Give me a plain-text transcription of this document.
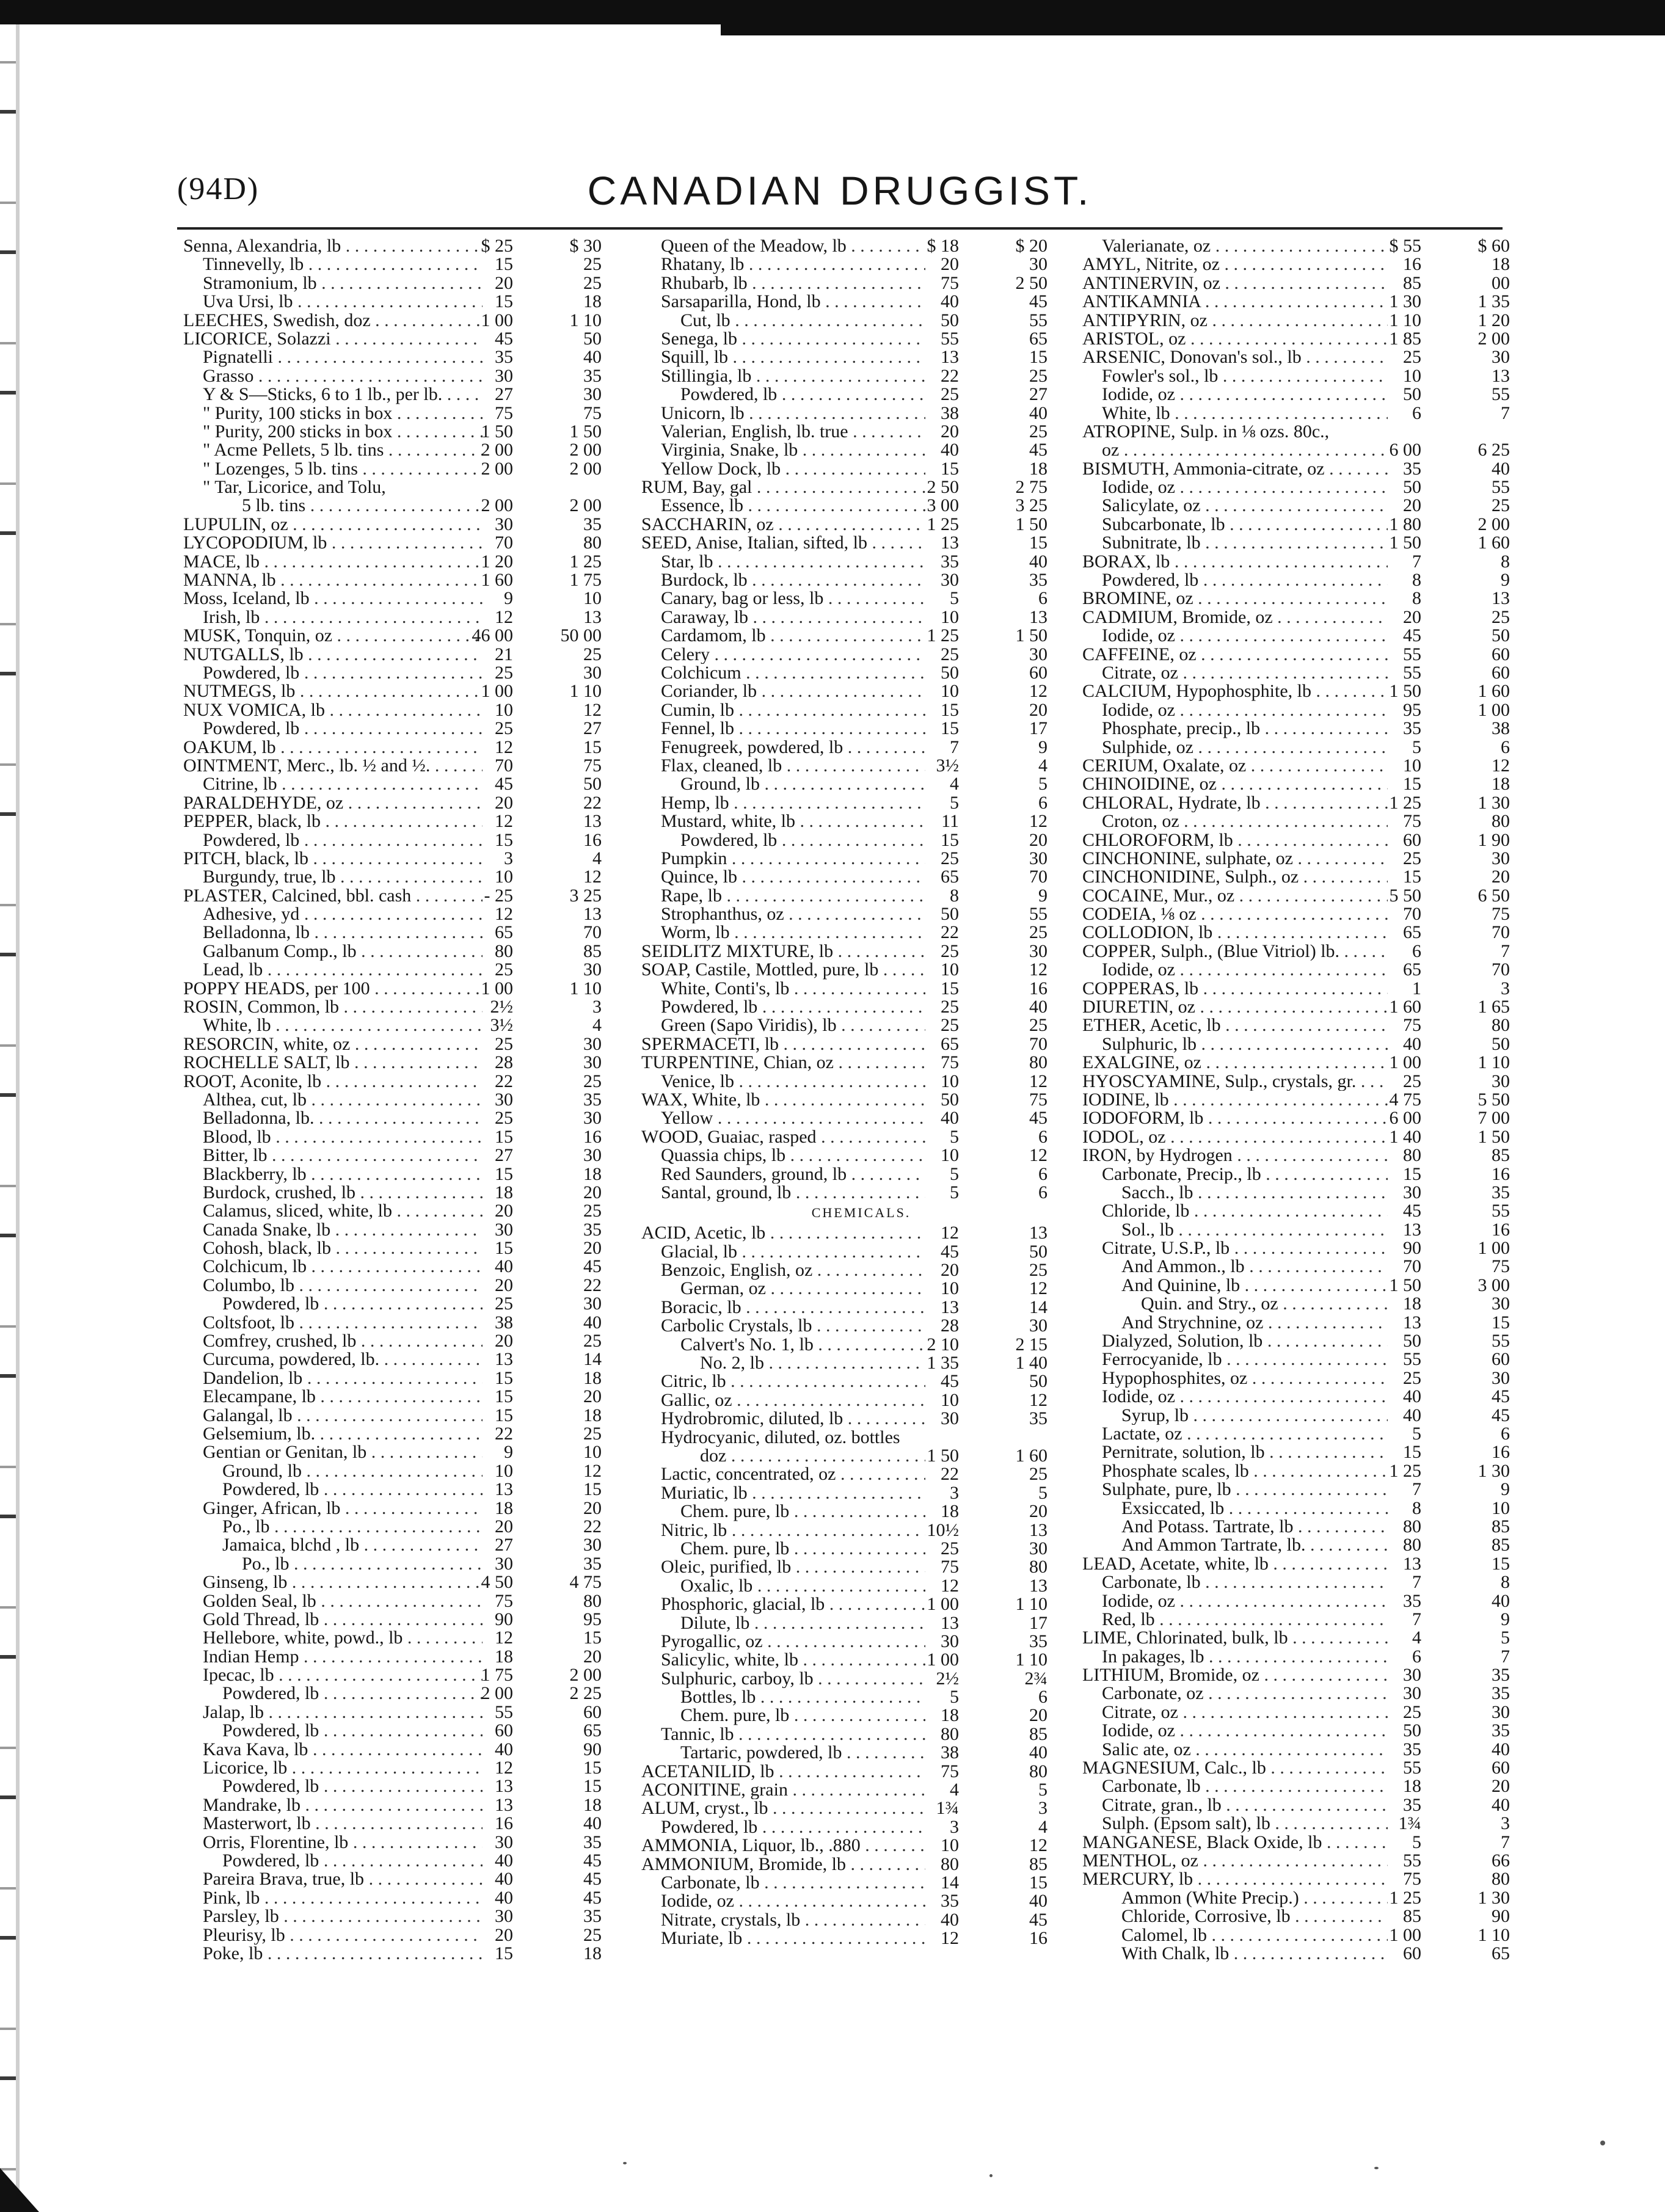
(94D)	CANADIAN DRUGGIST.
Senna, Alexandria, lb . . .	$ 25	$ 30
Tinnevelly, lb . . .	15	25
Stramonium, lb . . .	20	25
Uva Ursi, lb . . .	15	18
LEECHES, Swedish, doz . . .	1 00	1 10
LICORICE, Solazzi . . .	45	50
Pignatelli . . .	35	40
Grasso . . .	30	35
Y & S—Sticks, 6 to 1 lb., per lb. . . .	27	30
" Purity, 100 sticks in box . . .	75	75
" Purity, 200 sticks in box . . .	1 50	1 50
" Acme Pellets, 5 lb. tins . . .	2 00	2 00
" Lozenges, 5 lb. tins . . .	2 00	2 00
" Tar, Licorice, and Tolu,
5 lb. tins . . .	2 00	2 00
LUPULIN, oz . . .	30	35
LYCOPODIUM, lb . . .	70	80
MACE, lb . . .	1 20	1 25
MANNA, lb . . .	1 60	1 75
Moss, Iceland, lb . . .	9	10
Irish, lb . . .	12	13
MUSK, Tonquin, oz . . .	46 00	50 00
NUTGALLS, lb . . .	21	25
Powdered, lb . . .	25	30
NUTMEGS, lb . . .	1 00	1 10
NUX VOMICA, lb . . .	10	12
Powdered, lb . . .	25	27
OAKUM, lb . . .	12	15
OINTMENT, Merc., lb. ½ and ½. . . .	70	75
Citrine, lb . . .	45	50
PARALDEHYDE, oz . . .	20	22
PEPPER, black, lb . . .	12	13
Powdered, lb . . .	15	16
PITCH, black, lb . . .	3	4
Burgundy, true, lb . . .	10	12
PLASTER, Calcined, bbl. cash . . .	- 25	3 25
Adhesive, yd . . .	12	13
Belladonna, lb . . .	65	70
Galbanum Comp., lb . . .	80	85
Lead, lb . . .	25	30
POPPY HEADS, per 100 . . .	1 00	1 10
ROSIN, Common, lb . . .	2½	3
White, lb . . .	3½	4
RESORCIN, white, oz . . .	25	30
ROCHELLE SALT, lb . . .	28	30
ROOT, Aconite, lb . . .	22	25
Althea, cut, lb . . .	30	35
Belladonna, lb. . . .	25	30
Blood, lb . . .	15	16
Bitter, lb . . .	27	30
Blackberry, lb . . .	15	18
Burdock, crushed, lb . . .	18	20
Calamus, sliced, white, lb . . .	20	25
Canada Snake, lb . . .	30	35
Cohosh, black, lb . . .	15	20
Colchicum, lb . . .	40	45
Columbo, lb . . .	20	22
Powdered, lb . . .	25	30
Coltsfoot, lb . . .	38	40
Comfrey, crushed, lb . . .	20	25
Curcuma, powdered, lb. . . .	13	14
Dandelion, lb . . .	15	18
Elecampane, lb . . .	15	20
Galangal, lb . . .	15	18
Gelsemium, lb. . . .	22	25
Gentian or Genitan, lb . . .	9	10
Ground, lb . . .	10	12
Powdered, lb . . .	13	15
Ginger, African, lb . . .	18	20
Po., lb . . .	20	22
Jamaica, blchd , lb . . .	27	30
Po., lb . . .	30	35
Ginseng, lb . . .	4 50	4 75
Golden Seal, lb . . .	75	80
Gold Thread, lb . . .	90	95
Hellebore, white, powd., lb . . .	12	15
Indian Hemp . . .	18	20
Ipecac, lb . . .	1 75	2 00
Powdered, lb . . .	2 00	2 25
Jalap, lb . . .	55	60
Powdered, lb . . .	60	65
Kava Kava, lb . . .	40	90
Licorice, lb . . .	12	15
Powdered, lb . . .	13	15
Mandrake, lb . . .	13	18
Masterwort, lb . . .	16	40
Orris, Florentine, lb . . .	30	35
Powdered, lb . . .	40	45
Pareira Brava, true, lb . . .	40	45
Pink, lb . . .	40	45
Parsley, lb . . .	30	35
Pleurisy, lb . . .	20	25
Poke, lb . . .	15	18
Queen of the Meadow, lb . . .	$ 18	$ 20
Rhatany, lb . . .	20	30
Rhubarb, lb . . .	75	2 50
Sarsaparilla, Hond, lb . . .	40	45
Cut, lb . . .	50	55
Senega, lb . . .	55	65
Squill, lb . . .	13	15
Stillingia, lb . . .	22	25
Powdered, lb . . .	25	27
Unicorn, lb . . .	38	40
Valerian, English, lb. true . . .	20	25
Virginia, Snake, lb . . .	40	45
Yellow Dock, lb . . .	15	18
RUM, Bay, gal . . .	2 50	2 75
Essence, lb . . .	3 00	3 25
SACCHARIN, oz . . .	1 25	1 50
SEED, Anise, Italian, sifted, lb . . .	13	15
Star, lb . . .	35	40
Burdock, lb . . .	30	35
Canary, bag or less, lb . . .	5	6
Caraway, lb . . .	10	13
Cardamom, lb . . .	1 25	1 50
Celery . . .	25	30
Colchicum . . .	50	60
Coriander, lb . . .	10	12
Cumin, lb . . .	15	20
Fennel, lb . . .	15	17
Fenugreek, powdered, lb . . .	7	9
Flax, cleaned, lb . . .	3½	4
Ground, lb . . .	4	5
Hemp, lb . . .	5	6
Mustard, white, lb . . .	11	12
Powdered, lb . . .	15	20
Pumpkin . . .	25	30
Quince, lb . . .	65	70
Rape, lb . . .	8	9
Strophanthus, oz . . .	50	55
Worm, lb . . .	22	25
SEIDLITZ MIXTURE, lb . . .	25	30
SOAP, Castile, Mottled, pure, lb . . .	10	12
White, Conti's, lb . . .	15	16
Powdered, lb . . .	25	40
Green (Sapo Viridis), lb . . .	25	25
SPERMACETI, lb . . .	65	70
TURPENTINE, Chian, oz . . .	75	80
Venice, lb . . .	10	12
WAX, White, lb . . .	50	75
Yellow . . .	40	45
WOOD, Guaiac, rasped . . .	5	6
Quassia chips, lb . . .	10	12
Red Saunders, ground, lb . . .	5	6
Santal, ground, lb . . .	5	6
CHEMICALS.
ACID, Acetic, lb . . .	12	13
Glacial, lb . . .	45	50
Benzoic, English, oz . . .	20	25
German, oz . . .	10	12
Boracic, lb . . .	13	14
Carbolic Crystals, lb . . .	28	30
Calvert's No. 1, lb . . .	2 10	2 15
No. 2, lb . . .	1 35	1 40
Citric, lb . . .	45	50
Gallic, oz . . .	10	12
Hydrobromic, diluted, lb . . .	30	35
Hydrocyanic, diluted, oz. bottles
doz . . .	1 50	1 60
Lactic, concentrated, oz . . .	22	25
Muriatic, lb . . .	3	5
Chem. pure, lb . . .	18	20
Nitric, lb . . .	10½	13
Chem. pure, lb . . .	25	30
Oleic, purified, lb . . .	75	80
Oxalic, lb . . .	12	13
Phosphoric, glacial, lb . . .	1 00	1 10
Dilute, lb . . .	13	17
Pyrogallic, oz . . .	30	35
Salicylic, white, lb . . .	1 00	1 10
Sulphuric, carboy, lb . . .	2½	2¾
Bottles, lb . . .	5	6
Chem. pure, lb . . .	18	20
Tannic, lb . . .	80	85
Tartaric, powdered, lb . . .	38	40
ACETANILID, lb . . .	75	80
ACONITINE, grain . . .	4	5
ALUM, cryst., lb . . .	1¾	3
Powdered, lb . . .	3	4
AMMONIA, Liquor, lb., .880 . . .	10	12
AMMONIUM, Bromide, lb . . .	80	85
Carbonate, lb . . .	14	15
Iodide, oz . . .	35	40
Nitrate, crystals, lb . . .	40	45
Muriate, lb . . .	12	16
Valerianate, oz . . .	$ 55	$ 60
AMYL, Nitrite, oz . . .	16	18
ANTINERVIN, oz . . .	85	00
ANTIKAMNIA . . .	1 30	1 35
ANTIPYRIN, oz . . .	1 10	1 20
ARISTOL, oz . . .	1 85	2 00
ARSENIC, Donovan's sol., lb . . .	25	30
Fowler's sol., lb . . .	10	13
Iodide, oz . . .	50	55
White, lb . . .	6	7
ATROPINE, Sulp. in ⅛ ozs. 80c.,
oz . . .	6 00	6 25
BISMUTH, Ammonia-citrate, oz . . .	35	40
Iodide, oz . . .	50	55
Salicylate, oz . . .	20	25
Subcarbonate, lb . . .	1 80	2 00
Subnitrate, lb . . .	1 50	1 60
BORAX, lb . . .	7	8
Powdered, lb . . .	8	9
BROMINE, oz . . .	8	13
CADMIUM, Bromide, oz . . .	20	25
Iodide, oz . . .	45	50
CAFFEINE, oz . . .	55	60
Citrate, oz . . .	55	60
CALCIUM, Hypophosphite, lb . . .	1 50	1 60
Iodide, oz . . .	95	1 00
Phosphate, precip., lb . . .	35	38
Sulphide, oz . . .	5	6
CERIUM, Oxalate, oz . . .	10	12
CHINOIDINE, oz . . .	15	18
CHLORAL, Hydrate, lb . . .	1 25	1 30
Croton, oz . . .	75	80
CHLOROFORM, lb . . .	60	1 90
CINCHONINE, sulphate, oz . . .	25	30
CINCHONIDINE, Sulph., oz . . .	15	20
COCAINE, Mur., oz . . .	5 50	6 50
CODEIA, ⅛ oz . . .	70	75
COLLODION, lb . . .	65	70
COPPER, Sulph., (Blue Vitriol) lb. . . .	6	7
Iodide, oz . . .	65	70
COPPERAS, lb . . .	1	3
DIURETIN, oz . . .	1 60	1 65
ETHER, Acetic, lb . . .	75	80
Sulphuric, lb . . .	40	50
EXALGINE, oz . . .	1 00	1 10
HYOSCYAMINE, Sulp., crystals, gr. . . .	25	30
IODINE, lb . . .	4 75	5 50
IODOFORM, lb . . .	6 00	7 00
IODOL, oz . . .	1 40	1 50
IRON, by Hydrogen . . .	80	85
Carbonate, Precip., lb . . .	15	16
Sacch., lb . . .	30	35
Chloride, lb . . .	45	55
Sol., lb . . .	13	16
Citrate, U.S.P., lb . . .	90	1 00
And Ammon., lb . . .	70	75
And Quinine, lb . . .	1 50	3 00
Quin. and Stry., oz . . .	18	30
And Strychnine, oz . . .	13	15
Dialyzed, Solution, lb . . .	50	55
Ferrocyanide, lb . . .	55	60
Hypophosphites, oz . . .	25	30
Iodide, oz . . .	40	45
Syrup, lb . . .	40	45
Lactate, oz . . .	5	6
Pernitrate, solution, lb . . .	15	16
Phosphate scales, lb . . .	1 25	1 30
Sulphate, pure, lb . . .	7	9
Exsiccated, lb . . .	8	10
And Potass. Tartrate, lb . . .	80	85
And Ammon Tartrate, lb. . . .	80	85
LEAD, Acetate, white, lb . . .	13	15
Carbonate, lb . . .	7	8
Iodide, oz . . .	35	40
Red, lb . . .	7	9
LIME, Chlorinated, bulk, lb . . .	4	5
In pakages, lb . . .	6	7
LITHIUM, Bromide, oz . . .	30	35
Carbonate, oz . . .	30	35
Citrate, oz . . .	25	30
Iodide, oz . . .	50	35
Salic ate, oz . . .	35	40
MAGNESIUM, Calc., lb . . .	55	60
Carbonate, lb . . .	18	20
Citrate, gran., lb . . .	35	40
Sulph. (Epsom salt), lb . . .	1¾	3
MANGANESE, Black Oxide, lb . . .	5	7
MENTHOL, oz . . .	55	66
MERCURY, lb . . .	75	80
Ammon (White Precip.) . . .	1 25	1 30
Chloride, Corrosive, lb . . .	85	90
Calomel, lb . . .	1 00	1 10
With Chalk, lb . . .	60	65
